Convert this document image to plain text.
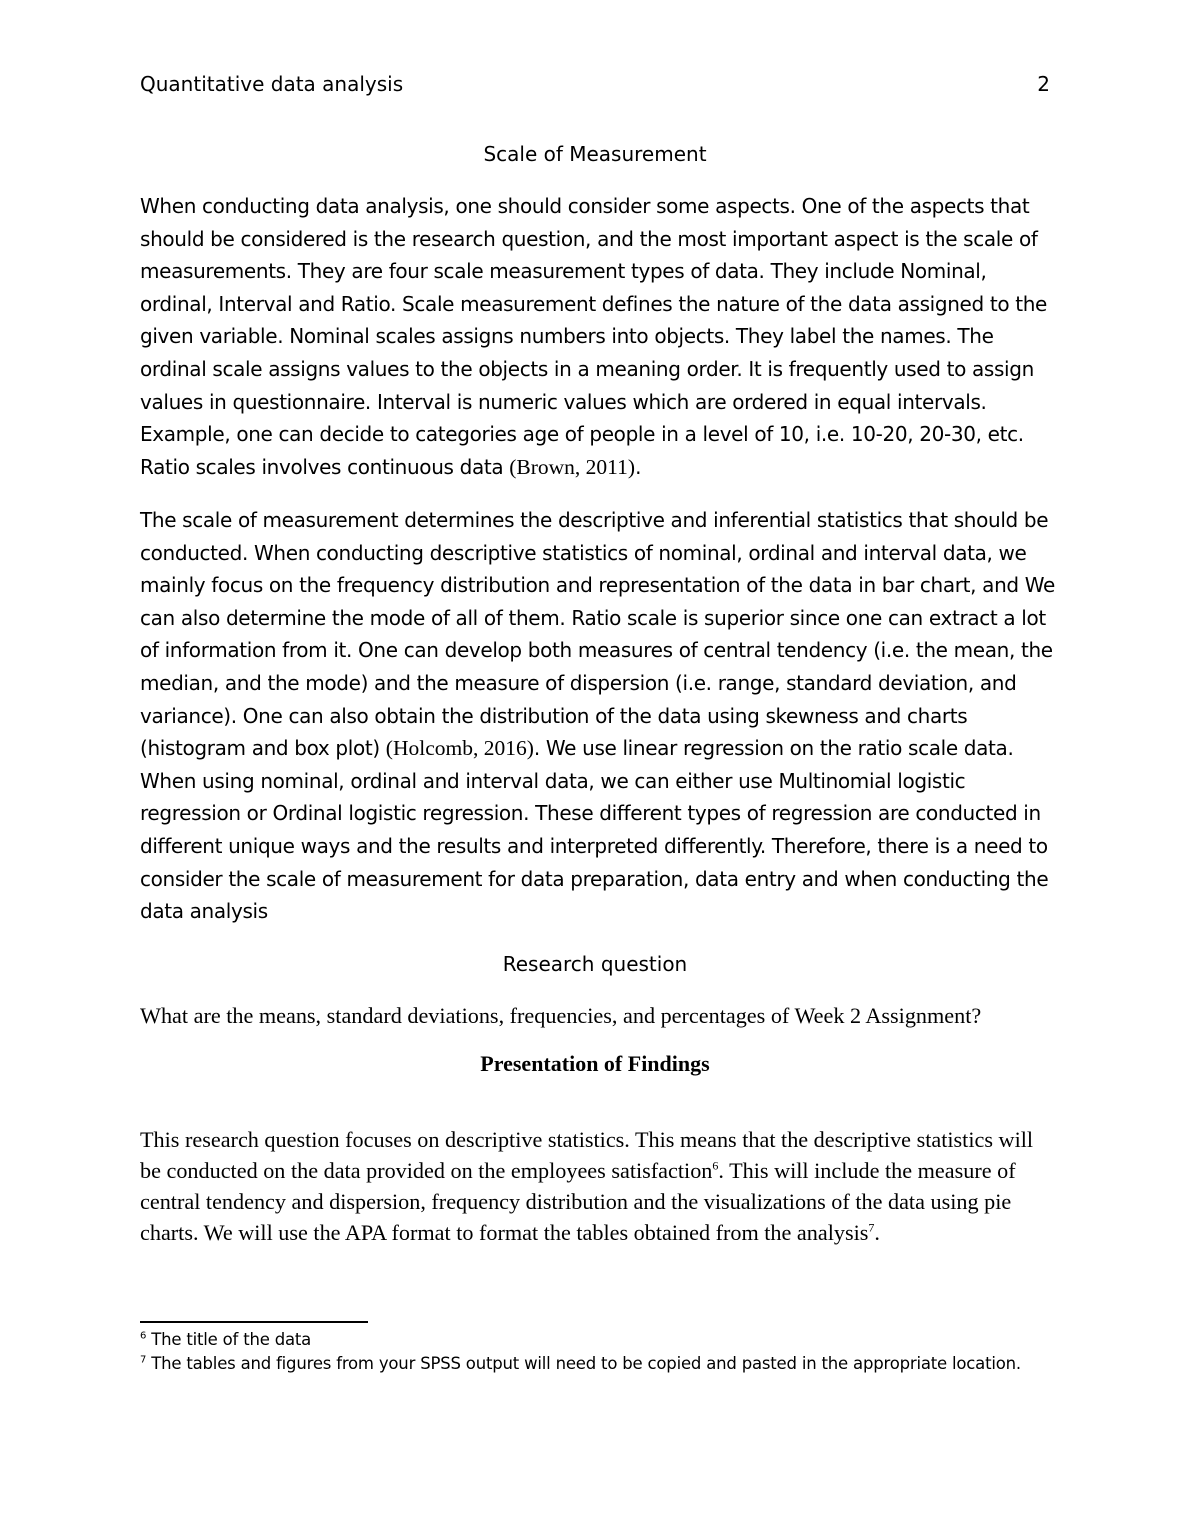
Quantitative data analysis	2
Scale of Measurement
When conducting data analysis, one should consider some aspects. One of the aspects that should be considered is the research question, and the most important aspect is the scale of measurements. They are four scale measurement types of data. They include Nominal, ordinal, Interval and Ratio. Scale measurement defines the nature of the data assigned to the given variable. Nominal scales assigns numbers into objects. They label the names. The ordinal scale assigns values to the objects in a meaning order. It is frequently used to assign values in questionnaire. Interval is numeric values which are ordered in equal intervals. Example, one can decide to categories age of people in a level of 10, i.e. 10-20, 20-30, etc. Ratio scales involves continuous data (Brown, 2011).
The scale of measurement determines the descriptive and inferential statistics that should be conducted. When conducting descriptive statistics of nominal, ordinal and interval data, we mainly focus on the frequency distribution and representation of the data in bar chart, and We can also determine the mode of all of them. Ratio scale is superior since one can extract a lot of information from it. One can develop both measures of central tendency (i.e. the mean, the median, and the mode) and the measure of dispersion (i.e. range, standard deviation, and variance). One can also obtain the distribution of the data using skewness and charts (histogram and box plot) (Holcomb, 2016). We use linear regression on the ratio scale data. When using nominal, ordinal and interval data, we can either use Multinomial logistic regression or Ordinal logistic regression. These different types of regression are conducted in different unique ways and the results and interpreted differently. Therefore, there is a need to consider the scale of measurement for data preparation, data entry and when conducting the data analysis
Research question
What are the means, standard deviations, frequencies, and percentages of Week 2 Assignment?
Presentation of Findings
This research question focuses on descriptive statistics. This means that the descriptive statistics will be conducted on the data provided on the employees satisfaction$^6$. This will include the measure of central tendency and dispersion, frequency distribution and the visualizations of the data using pie charts. We will use the APA format to format the tables obtained from the analysis$^7$.
$^6$ The title of the data
$^7$ The tables and figures from your SPSS output will need to be copied and pasted in the appropriate location.
